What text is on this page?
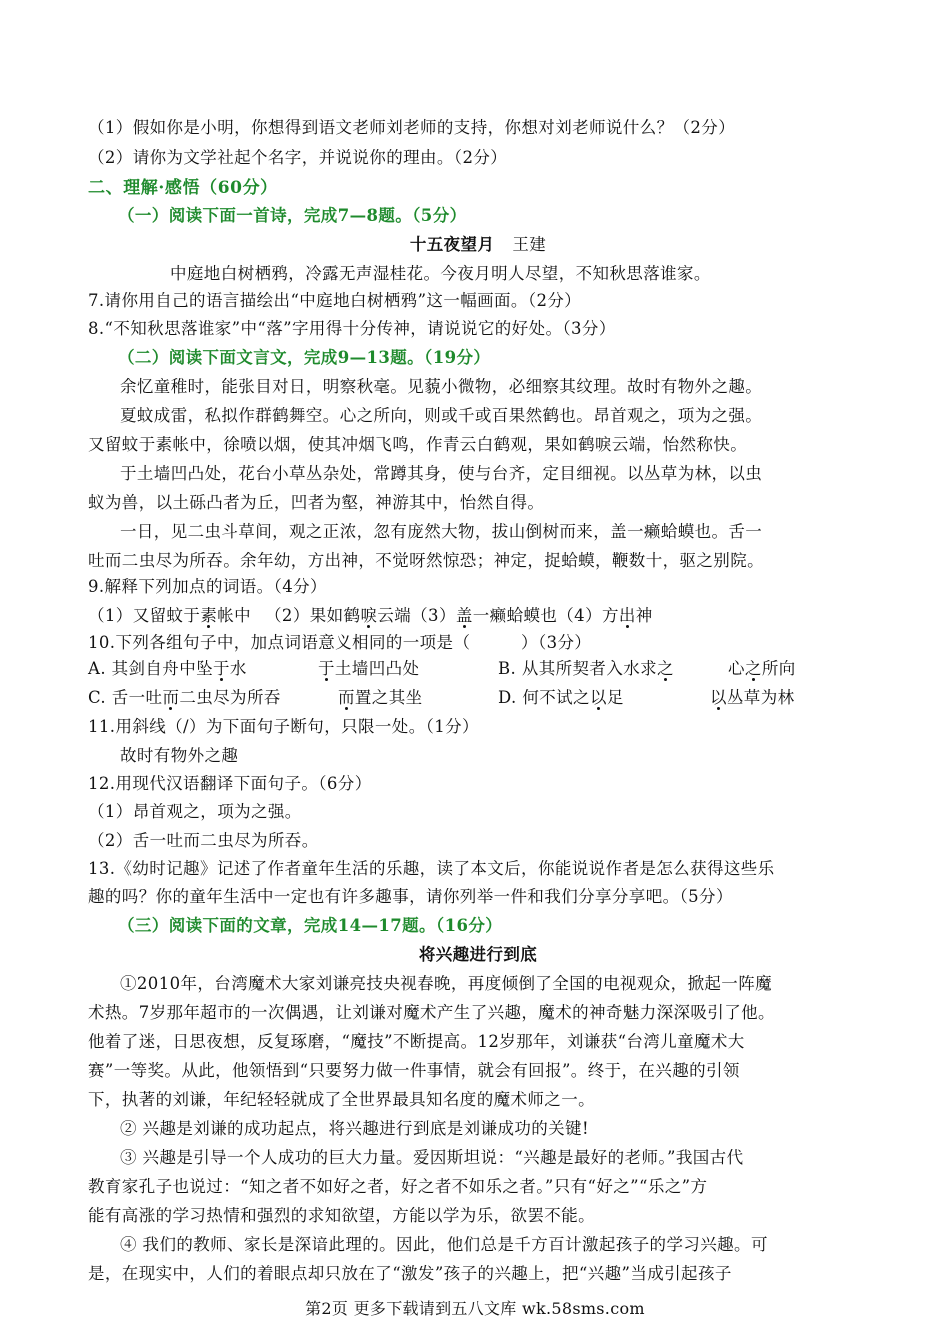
（1）假如你是小明，你想得到语文老师刘老师的支持，你想对刘老师说什么？（2分）
（2）请你为文学社起个名字，并说说你的理由。（2分）
二、理解·感悟（60分）
（一）阅读下面一首诗，完成7—8题。（5分）
十五夜望月 王建
中庭地白树栖鸦，冷露无声湿桂花。今夜月明人尽望，不知秋思落谁家。
7.请你用自己的语言描绘出“中庭地白树栖鸦”这一幅画面。（2分）
8.“不知秋思落谁家”中“落”字用得十分传神，请说说它的好处。（3分）
（二）阅读下面文言文，完成9—13题。（19分）
余忆童稚时，能张目对日，明察秋毫。见藐小微物，必细察其纹理。故时有物外之趣。
夏蚊成雷，私拟作群鹤舞空。心之所向，则或千或百果然鹤也。昂首观之，项为之强。
又留蚊于素帐中，徐喷以烟，使其冲烟飞鸣，作青云白鹤观，果如鹤唳云端，怡然称快。
于土墙凹凸处，花台小草丛杂处，常蹲其身，使与台齐，定目细视。以丛草为林，以虫
蚁为兽，以土砾凸者为丘，凹者为壑，神游其中，怡然自得。
一日，见二虫斗草间，观之正浓，忽有庞然大物，拔山倒树而来，盖一癞蛤蟆也。舌一
吐而二虫尽为所吞。余年幼，方出神，不觉呀然惊恐；神定，捉蛤蟆，鞭数十，驱之别院。
9.解释下列加点的词语。（4分）
（1）又留蚊于素帐中 （2）果如鹤唳云端（3）盖一癞蛤蟆也（4）方出神
10.下列各组句子中，加点词语意义相同的一项是（　　　）（3分）
A. 其剑自舟中坠于水	于土墙凹凸处	B. 从其所契者入水求之	心之所向
C. 舌一吐而二虫尽为所吞	而置之其坐	D. 何不试之以足	以丛草为林
11.用斜线（/）为下面句子断句，只限一处。（1分）
故时有物外之趣
12.用现代汉语翻译下面句子。（6分）
（1）昂首观之，项为之强。
（2）舌一吐而二虫尽为所吞。
13.《幼时记趣》记述了作者童年生活的乐趣，读了本文后，你能说说作者是怎么获得这些乐
趣的吗？你的童年生活中一定也有许多趣事，请你列举一件和我们分享分享吧。（5分）
（三）阅读下面的文章，完成14—17题。（16分）
将兴趣进行到底
①2010年，台湾魔术大家刘谦亮技央视春晚，再度倾倒了全国的电视观众，掀起一阵魔
术热。7岁那年超市的一次偶遇，让刘谦对魔术产生了兴趣，魔术的神奇魅力深深吸引了他。
他着了迷，日思夜想，反复琢磨，“魔技”不断提高。12岁那年，刘谦获“台湾儿童魔术大
赛”一等奖。从此，他领悟到“只要努力做一件事情，就会有回报”。终于，在兴趣的引领
下，执著的刘谦，年纪轻轻就成了全世界最具知名度的魔术师之一。
② 兴趣是刘谦的成功起点，将兴趣进行到底是刘谦成功的关键!
③ 兴趣是引导一个人成功的巨大力量。爱因斯坦说：“兴趣是最好的老师。”我国古代
教育家孔子也说过：“知之者不如好之者，好之者不如乐之者。”只有“好之”“乐之”方
能有高涨的学习热情和强烈的求知欲望，方能以学为乐，欲罢不能。
④ 我们的教师、家长是深谙此理的。因此，他们总是千方百计激起孩子的学习兴趣。可
是，在现实中，人们的着眼点却只放在了“激发”孩子的兴趣上，把“兴趣”当成引起孩子
第2页 更多下载请到五八文库 wk.58sms.com
